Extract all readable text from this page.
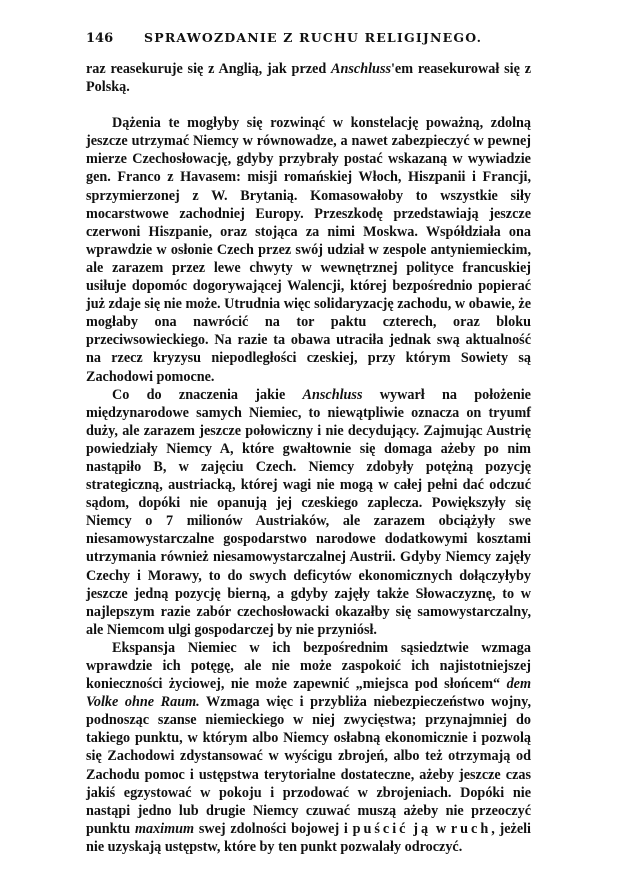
146	SPRAWOZDANIE Z RUCHU RELIGIJNEGO.

raz reasekuruje się z Anglią, jak przed Anschluss'em reasekurował się z Polską.

Dążenia te mogłyby się rozwinąć w konstelację poważną, zdolną jeszcze utrzymać Niemcy w równowadze, a nawet zabezpieczyć w pewnej mierze Czechosłowację, gdyby przybrały postać wskazaną w wywiadzie gen. Franco z Havasem: misji romańskiej Włoch, Hiszpanii i Francji, sprzymierzonej z W. Brytanią. Komasowałoby to wszystkie siły mocarstwowe zachodniej Europy. Przeszkodę przedstawiają jeszcze czerwoni Hiszpanie, oraz stojąca za nimi Moskwa. Współdziała ona wprawdzie w osłonie Czech przez swój udział w zespole antyniemieckim, ale zarazem przez lewe chwyty w wewnętrznej polityce francuskiej usiłuje dopomóc dogorywającej Walencji, której bezpośrednio popierać już zdaje się nie może. Utrudnia więc solidaryzację zachodu, w obawie, że mogłaby ona nawrócić na tor paktu czterech, oraz bloku przeciwsowieckiego. Na razie ta obawa utraciła jednak swą aktualność na rzecz kryzysu niepodległości czeskiej, przy którym Sowiety są Zachodowi pomocne.

Co do znaczenia jakie Anschluss wywarł na położenie międzynarodowe samych Niemiec, to niewątpliwie oznacza on tryumf duży, ale zarazem jeszcze połowiczny i nie decydujący. Zajmując Austrię powiedziały Niemcy A, które gwałtownie się domaga ażeby po nim nastąpiło B, w zajęciu Czech. Niemcy zdobyły potężną pozycję strategiczną, austriacką, której wagi nie mogą w całej pełni dać odczuć sądom, dopóki nie opanują jej czeskiego zaplecza. Powiększyły się Niemcy o 7 milionów Austriaków, ale zarazem obciążyły swe niesamowystarczalne gospodarstwo narodowe dodatkowymi kosztami utrzymania również niesamowystarczalnej Austrii. Gdyby Niemcy zajęły Czechy i Morawy, to do swych deficytów ekonomicznych dołączyłyby jeszcze jedną pozycję bierną, a gdyby zajęły także Słowaczyznę, to w najlepszym razie zabór czechosłowacki okazałby się samowystarczalny, ale Niemcom ulgi gospodarczej by nie przyniósł.

Ekspansja Niemiec w ich bezpośrednim sąsiedztwie wzmaga wprawdzie ich potęgę, ale nie może zaspokoić ich najistotniejszej konieczności życiowej, nie może zapewnić „miejsca pod słońcem“ dem Volke ohne Raum. Wzmaga więc i przybliża niebezpieczeństwo wojny, podnosząc szanse niemieckiego w niej zwycięstwa; przynajmniej do takiego punktu, w którym albo Niemcy osłabną ekonomicznie i pozwolą się Zachodowi zdystansować w wyścigu zbrojeń, albo też otrzymają od Zachodu pomoc i ustępstwa terytorialne dostateczne, ażeby jeszcze czas jakiś egzystować w pokoju i przodować w zbrojeniach. Dopóki nie nastąpi jedno lub drugie Niemcy czuwać muszą ażeby nie przeoczyć punktu maximum swej zdolności bojowej i puścić ją w ruch, jeżeli nie uzyskają ustępstw, które by ten punkt pozwalały odroczyć.
